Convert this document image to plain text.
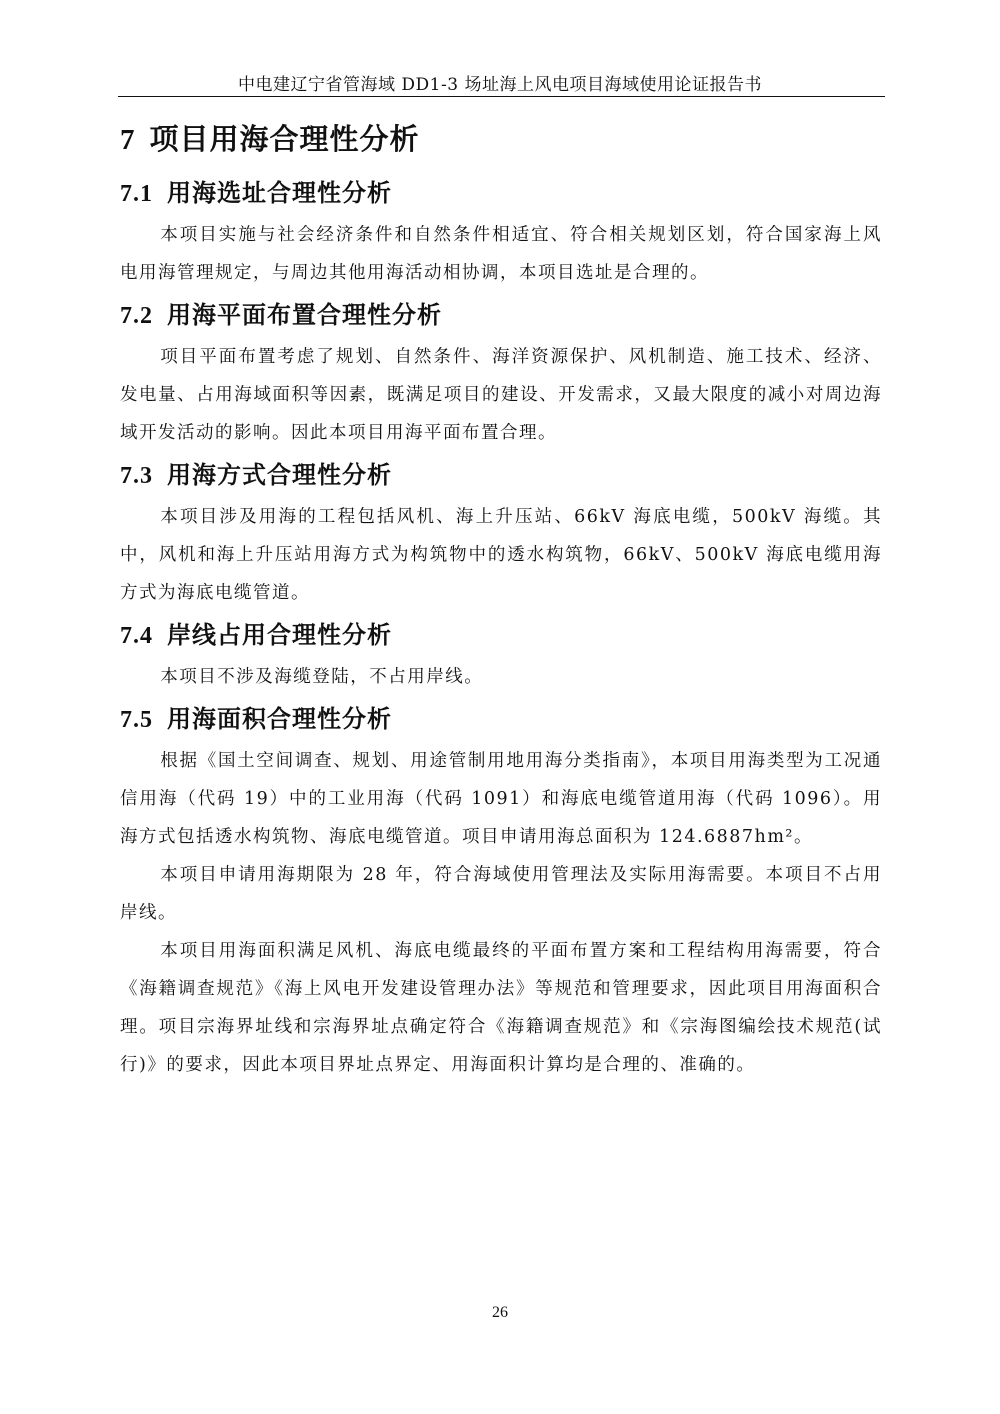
中电建辽宁省管海域 DD1-3 场址海上风电项目海域使用论证报告书
7 项目用海合理性分析
7.1 用海选址合理性分析

本项目实施与社会经济条件和自然条件相适宜、符合相关规划区划，符合国家海上风电用海管理规定，与周边其他用海活动相协调，本项目选址是合理的。

7.2 用海平面布置合理性分析

项目平面布置考虑了规划、自然条件、海洋资源保护、风机制造、施工技术、经济、发电量、占用海域面积等因素，既满足项目的建设、开发需求，又最大限度的减小对周边海域开发活动的影响。因此本项目用海平面布置合理。

7.3 用海方式合理性分析

本项目涉及用海的工程包括风机、海上升压站、66kV 海底电缆，500kV 海缆。其中，风机和海上升压站用海方式为构筑物中的透水构筑物，66kV、500kV 海底电缆用海方式为海底电缆管道。

7.4 岸线占用合理性分析

本项目不涉及海缆登陆，不占用岸线。

7.5 用海面积合理性分析

根据《国土空间调查、规划、用途管制用地用海分类指南》，本项目用海类型为工况通信用海（代码 19）中的工业用海（代码 1091）和海底电缆管道用海（代码 1096）。用海方式包括透水构筑物、海底电缆管道。项目申请用海总面积为 124.6887hm²。

本项目申请用海期限为 28 年，符合海域使用管理法及实际用海需要。本项目不占用岸线。

本项目用海面积满足风机、海底电缆最终的平面布置方案和工程结构用海需要，符合《海籍调查规范》《海上风电开发建设管理办法》等规范和管理要求，因此项目用海面积合理。项目宗海界址线和宗海界址点确定符合《海籍调查规范》和《宗海图编绘技术规范(试行)》的要求，因此本项目界址点界定、用海面积计算均是合理的、准确的。

26
